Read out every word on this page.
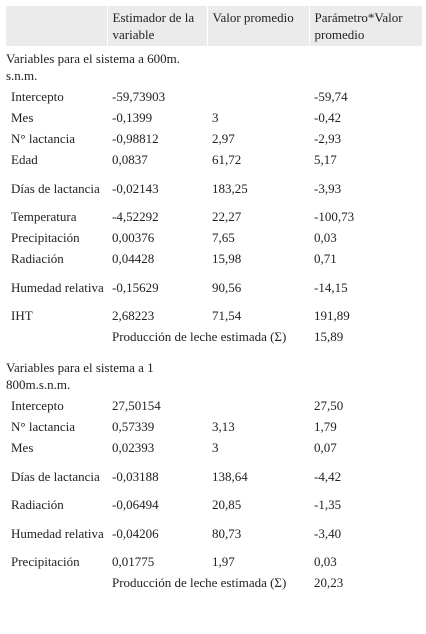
	Estimador de la variable	Valor promedio	Parámetro*Valor promedio
Variables para el sistema a 600m. s.n.m.			
Intercepto	-59,73903		-59,74
Mes	-0,1399	3	-0,42
N° lactancia	-0,98812	2,97	-2,93
Edad	0,0837	61,72	5,17
Días de lactancia	-0,02143	183,25	-3,93
Temperatura	-4,52292	22,27	-100,73
Precipitación	0,00376	7,65	0,03
Radiación	0,04428	15,98	0,71
Humedad relativa	-0,15629	90,56	-14,15
IHT	2,68223	71,54	191,89
	Producción de leche estimada (Σ)		15,89
Variables para el sistema a 1 800m.s.n.m.			
Intercepto	27,50154		27,50
N° lactancia	0,57339	3,13	1,79
Mes	0,02393	3	0,07
Días de lactancia	-0,03188	138,64	-4,42
Radiación	-0,06494	20,85	-1,35
Humedad relativa	-0,04206	80,73	-3,40
Precipitación	0,01775	1,97	0,03
	Producción de leche estimada (Σ)		20,23
